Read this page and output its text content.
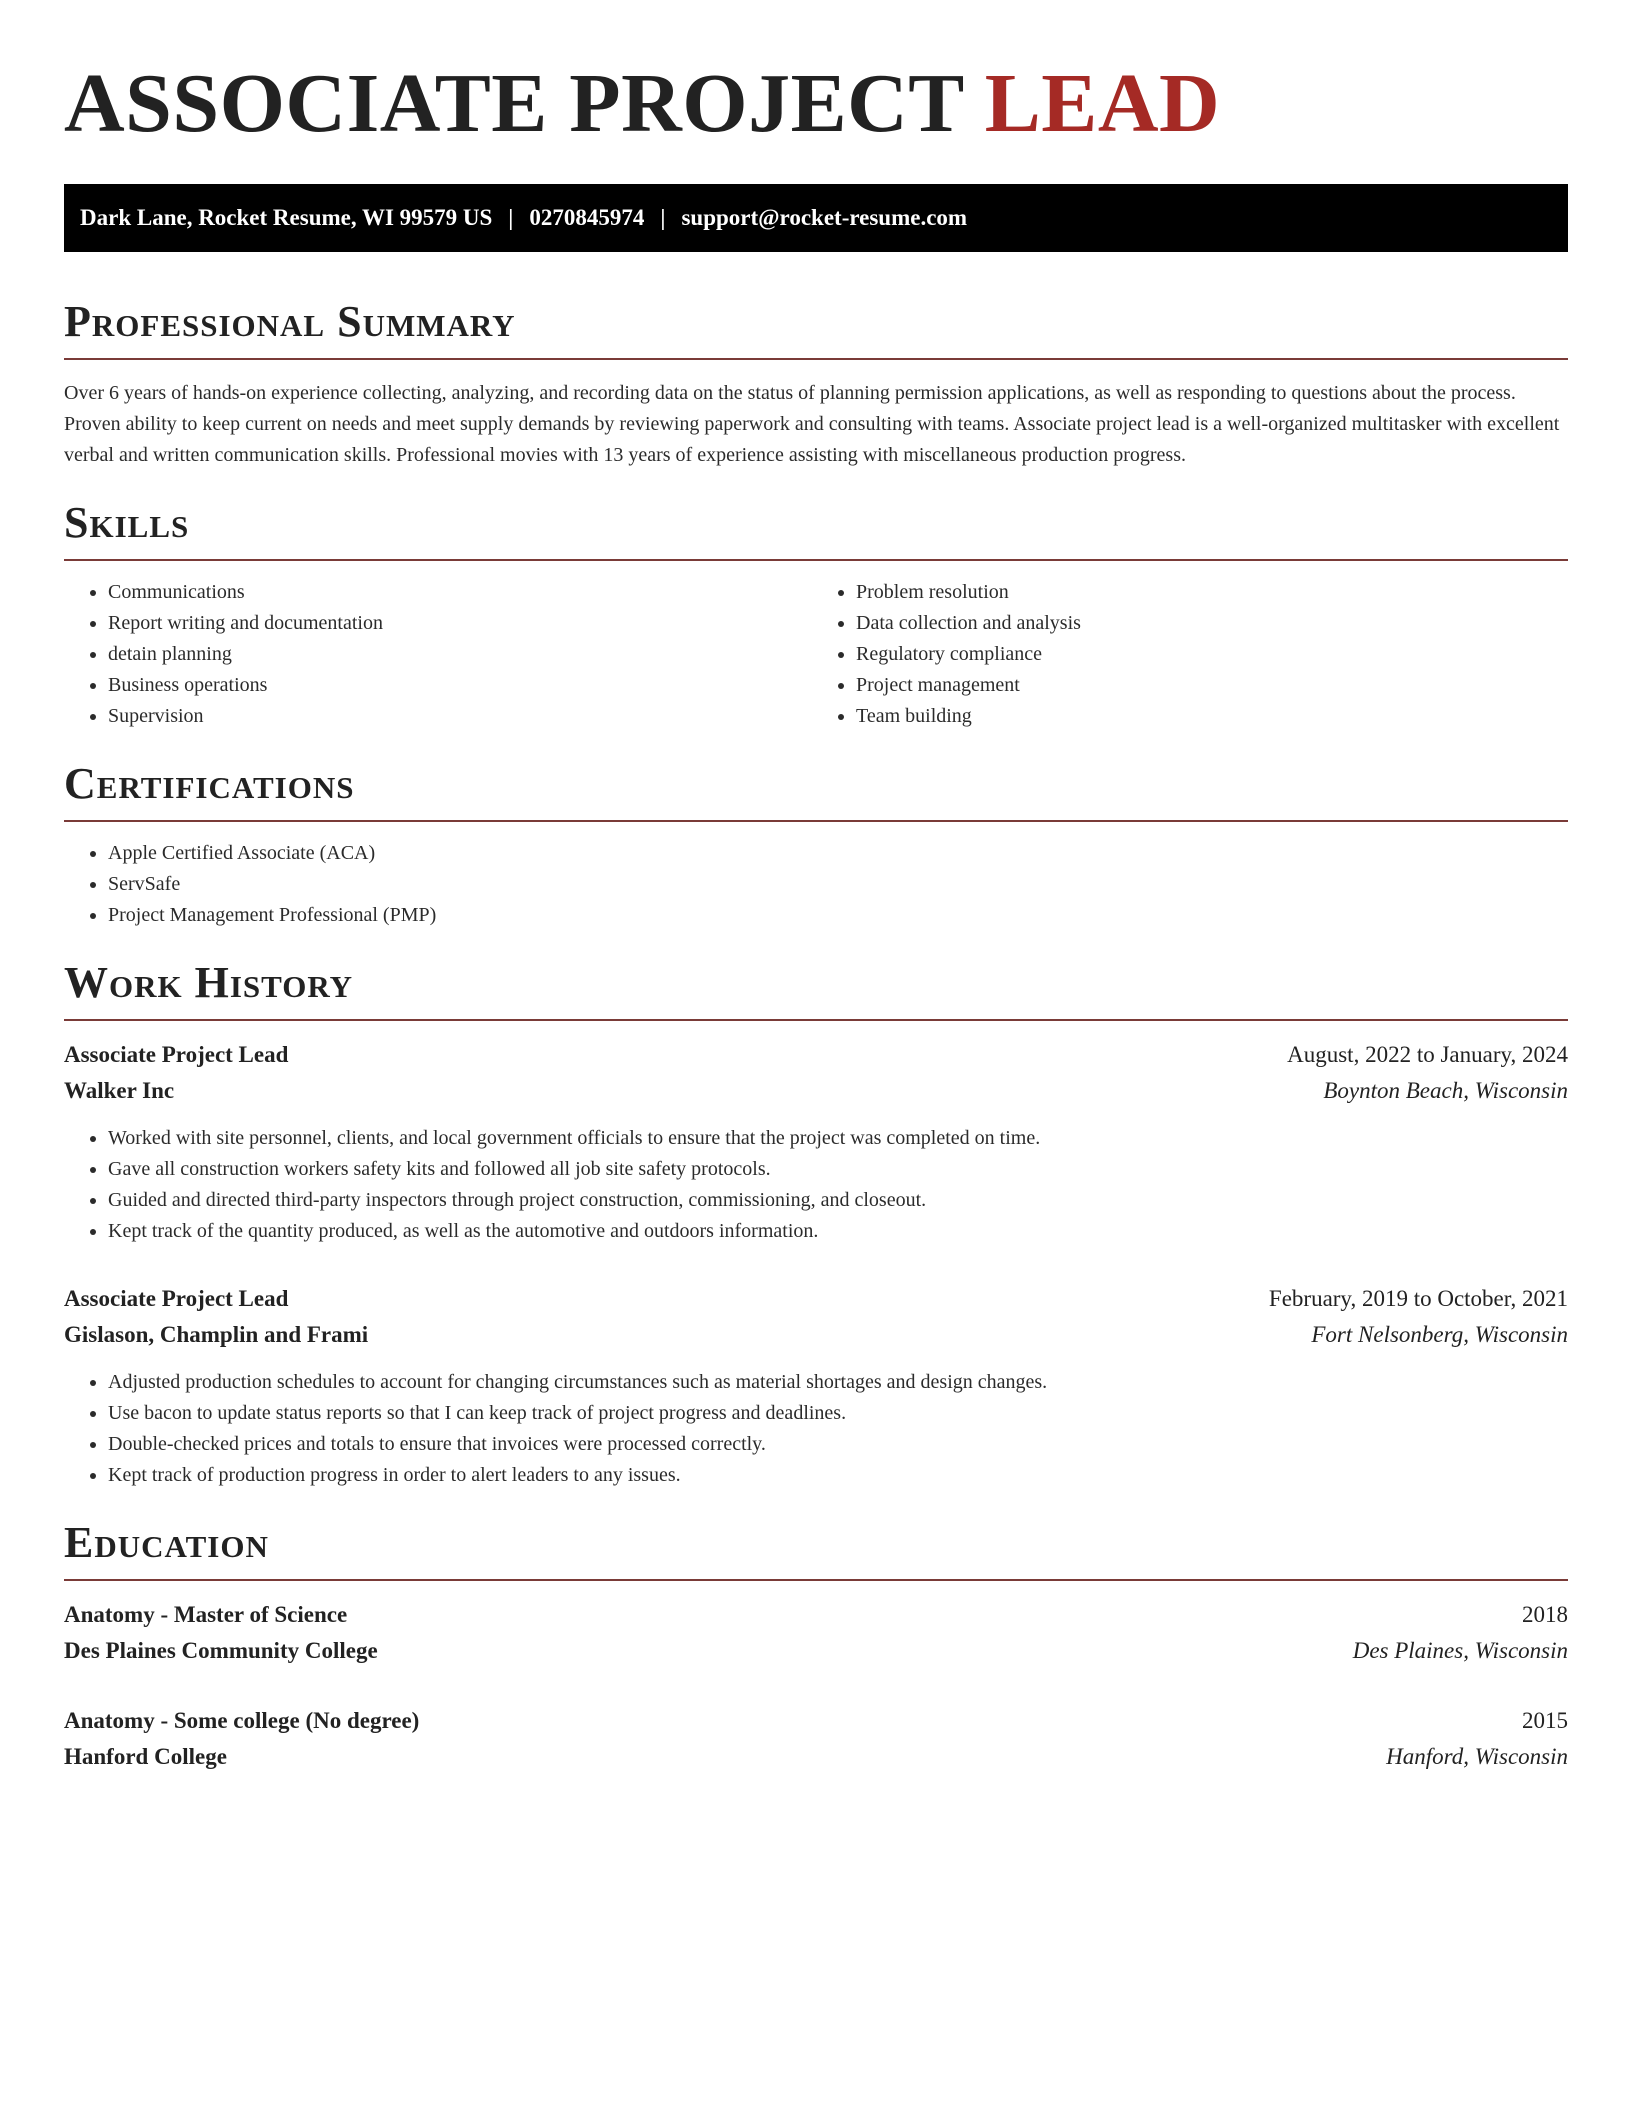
ASSOCIATE PROJECT LEAD
Dark Lane, Rocket Resume, WI 99579 US | 0270845974 | support@rocket-resume.com
Professional Summary

Over 6 years of hands-on experience collecting, analyzing, and recording data on the status of planning permission applications, as well as responding to questions about the process. Proven ability to keep current on needs and meet supply demands by reviewing paperwork and consulting with teams. Associate project lead is a well-organized multitasker with excellent verbal and written communication skills. Professional movies with 13 years of experience assisting with miscellaneous production progress.

Skills
• Communications
• Report writing and documentation
• detain planning
• Business operations
• Supervision
• Problem resolution
• Data collection and analysis
• Regulatory compliance
• Project management
• Team building
Certifications
• Apple Certified Associate (ACA)
• ServSafe
• Project Management Professional (PMP)
Work History
Associate Project Lead	August, 2022 to January, 2024
Walker Inc	Boynton Beach, Wisconsin
• Worked with site personnel, clients, and local government officials to ensure that the project was completed on time.
• Gave all construction workers safety kits and followed all job site safety protocols.
• Guided and directed third-party inspectors through project construction, commissioning, and closeout.
• Kept track of the quantity produced, as well as the automotive and outdoors information.
Associate Project Lead	February, 2019 to October, 2021
Gislason, Champlin and Frami	Fort Nelsonberg, Wisconsin
• Adjusted production schedules to account for changing circumstances such as material shortages and design changes.
• Use bacon to update status reports so that I can keep track of project progress and deadlines.
• Double-checked prices and totals to ensure that invoices were processed correctly.
• Kept track of production progress in order to alert leaders to any issues.
Education
Anatomy - Master of Science	2018
Des Plaines Community College	Des Plaines, Wisconsin
Anatomy - Some college (No degree)	2015
Hanford College	Hanford, Wisconsin
